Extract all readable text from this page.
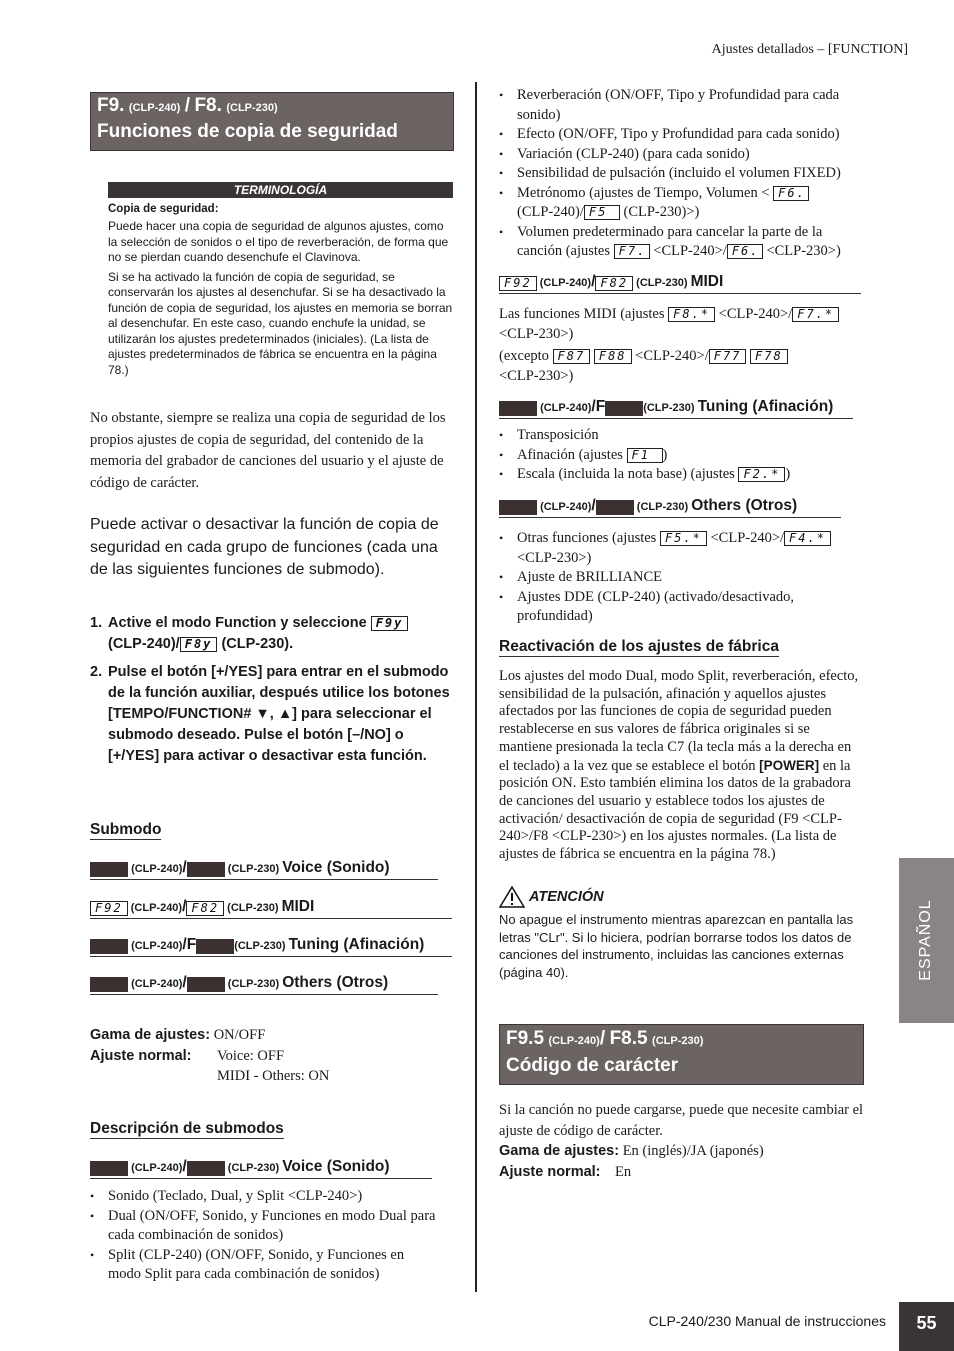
Ajustes detallados – [FUNCTION]
F9. (CLP-240) / F8. (CLP-230)
Funciones de copia de seguridad
TERMINOLOGÍA
Copia de seguridad:
Puede hacer una copia de seguridad de algunos ajustes, como la selección de sonidos o el tipo de reverberación, de forma que no se pierdan cuando desenchufe el Clavinova.
Si se ha activado la función de copia de seguridad, se conservarán los ajustes al desenchufar. Si se ha desactivado la función de copia de seguridad, los ajustes en memoria se borran al desenchufar. En este caso, cuando enchufe la unidad, se utilizarán los ajustes predeterminados (iniciales). (La lista de ajustes predeterminados de fábrica se encuentra en la página 78.)
No obstante, siempre se realiza una copia de seguridad de los propios ajustes de copia de seguridad, del contenido de la memoria del grabador de canciones del usuario y el ajuste de código de carácter.
Puede activar o desactivar la función de copia de seguridad en cada grupo de funciones (cada una de las siguientes funciones de submodo).
1. Active el modo Function y seleccione F9y
(CLP-240)/ F8y (CLP-230).
2. Pulse el botón [+/YES] para entrar en el submodo de la función auxiliar, después utilice los botones [TEMPO/FUNCTION# ▼, ▲] para seleccionar el submodo deseado. Pulse el botón [–/NO] o [+/YES] para activar o desactivar esta función.
Submodo
(CLP-240)/	(CLP-230) Voice (Sonido)
F92 (CLP-240)/ F82 (CLP-230) MIDI
(CLP-240)/F	(CLP-230) Tuning (Afinación)
(CLP-240)/	(CLP-230) Others (Otros)
Gama de ajustes: ON/OFF
Ajuste normal: Voice: OFF
MIDI - Others: ON
Descripción de submodos
(CLP-240)/	(CLP-230) Voice (Sonido)
• Sonido (Teclado, Dual, y Split <CLP-240>)
• Dual (ON/OFF, Sonido, y Funciones en modo Dual para cada combinación de sonidos)
• Split (CLP-240) (ON/OFF, Sonido, y Funciones en modo Split para cada combinación de sonidos)
• Reverberación (ON/OFF, Tipo y Profundidad para cada sonido)
• Efecto (ON/OFF, Tipo y Profundidad para cada sonido)
• Variación (CLP-240) (para cada sonido)
• Sensibilidad de pulsación (incluido el volumen FIXED)
• Metrónomo (ajustes de Tiempo, Volumen < F6.
(CLP-240)/ F5 (CLP-230)>)
• Volumen predeterminado para cancelar la parte de la canción (ajustes F7. <CLP-240>/ F6. <CLP-230>)
F92 (CLP-240)/ F82 (CLP-230) MIDI
Las funciones MIDI (ajustes F8.* <CLP-240>/ F7.*
<CLP-230>)
(excepto F87 F88 <CLP-240>/ F77 F78
<CLP-230>)
(CLP-240)/F	(CLP-230) Tuning (Afinación)
• Transposición
• Afinación (ajustes F1 )
• Escala (incluida la nota base) (ajustes F2.* )
(CLP-240)/	(CLP-230) Others (Otros)
• Otras funciones (ajustes F5.* <CLP-240>/ F4.*
<CLP-230>)
• Ajuste de BRILLIANCE
• Ajustes DDE (CLP-240) (activado/desactivado, profundidad)
Reactivación de los ajustes de fábrica
Los ajustes del modo Dual, modo Split, reverberación, efecto, sensibilidad de la pulsación, afinación y aquellos ajustes afectados por las funciones de copia de seguridad pueden restablecerse en sus valores de fábrica originales si se mantiene presionada la tecla C7 (la tecla más a la derecha en el teclado) a la vez que se establece el botón [POWER] en la posición ON. Esto también elimina los datos de la grabadora de canciones del usuario y establece todos los ajustes de activación/ desactivación de copia de seguridad (F9 <CLP-240>/F8 <CLP-230>) en los ajustes normales. (La lista de ajustes de fábrica se encuentra en la página 78.)
ATENCIÓN
No apague el instrumento mientras aparezcan en pantalla las letras "CLr". Si lo hiciera, podrían borrarse todos los datos de canciones del instrumento, incluidas las canciones externas (página 40).
F9.5 (CLP-240)/ F8.5 (CLP-230)
Código de carácter
Si la canción no puede cargarse, puede que necesite cambiar el ajuste de código de carácter.
Gama de ajustes: En (inglés)/JA (japonés)
Ajuste normal: En
ESPAÑOL
CLP-240/230 Manual de instrucciones	55
